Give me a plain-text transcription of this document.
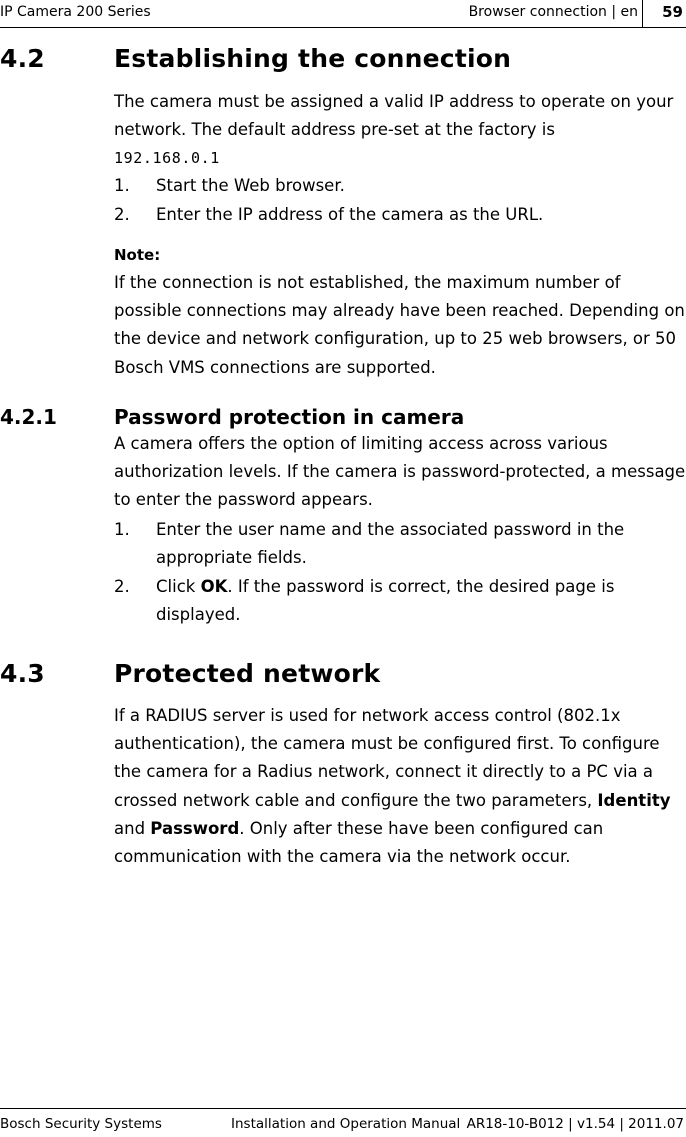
IP Camera 200 Series	Browser connection | en 59
4.2	Establishing the connection

The camera must be assigned a valid IP address to operate on your network. The default address pre-set at the factory is
192.168.0.1

1. Start the Web browser.
2. Enter the IP address of the camera as the URL.
Note:

If the connection is not established, the maximum number of possible connections may already have been reached. Depending on the device and network configuration, up to 25 web browsers, or 50 Bosch VMS connections are supported.

4.2.1	Password protection in camera

A camera offers the option of limiting access across various authorization levels. If the camera is password-protected, a message to enter the password appears.

1. Enter the user name and the associated password in the appropriate fields.
2. Click OK. If the password is correct, the desired page is displayed.
4.3	Protected network

If a RADIUS server is used for network access control (802.1x authentication), the camera must be configured first. To configure the camera for a Radius network, connect it directly to a PC via a crossed network cable and configure the two parameters, Identity and Password. Only after these have been configured can communication with the camera via the network occur.

Bosch Security Systems	Installation and Operation Manual AR18-10-B012 | v1.54 | 2011.07
